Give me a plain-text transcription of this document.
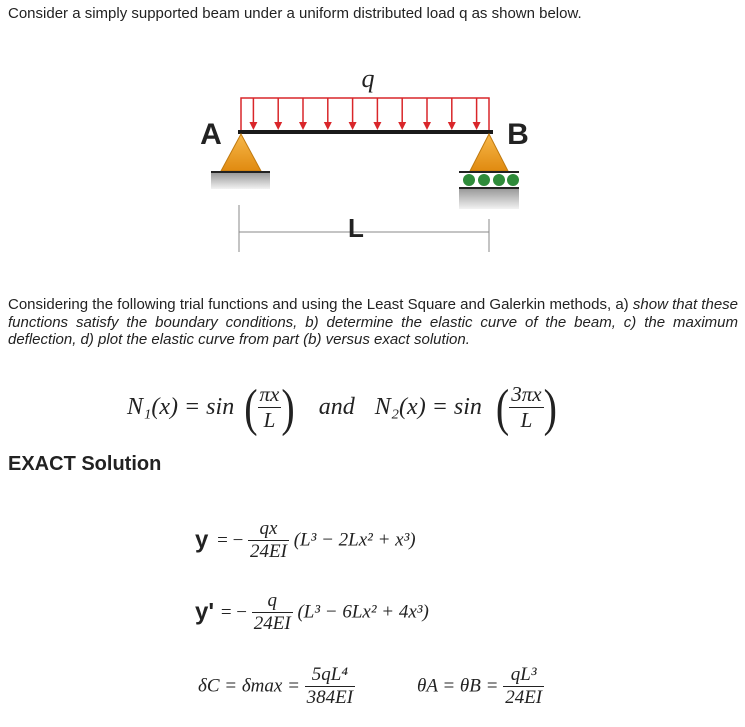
Consider a simply supported beam under a uniform distributed load q as shown below.
q
A	B
L
Considering the following trial functions and using the Least Square and Galerkin methods, a) show that these functions satisfy the boundary conditions, b) determine the elastic curve of the beam, c) the maximum deflection, d) plot the elastic curve from part (b) versus exact solution.
N₁(x) = sin ( $\frac{\pi x}{L}$ ) and N₂(x) = sin ( $\frac{3\pi x}{L}$ )
EXACT Solution
y = − $\frac{qx}{24EI} (L^3 - 2Lx^2 + x^3)$
y' = − $\frac{q}{24EI} (L^3 - 6Lx^2 + 4x^3)$
$\delta C = \delta\max = \frac{\text{5qL⁴}}{384EI}$	$\theta A = \theta B = \frac{\text{qL³}}{24EI}$
